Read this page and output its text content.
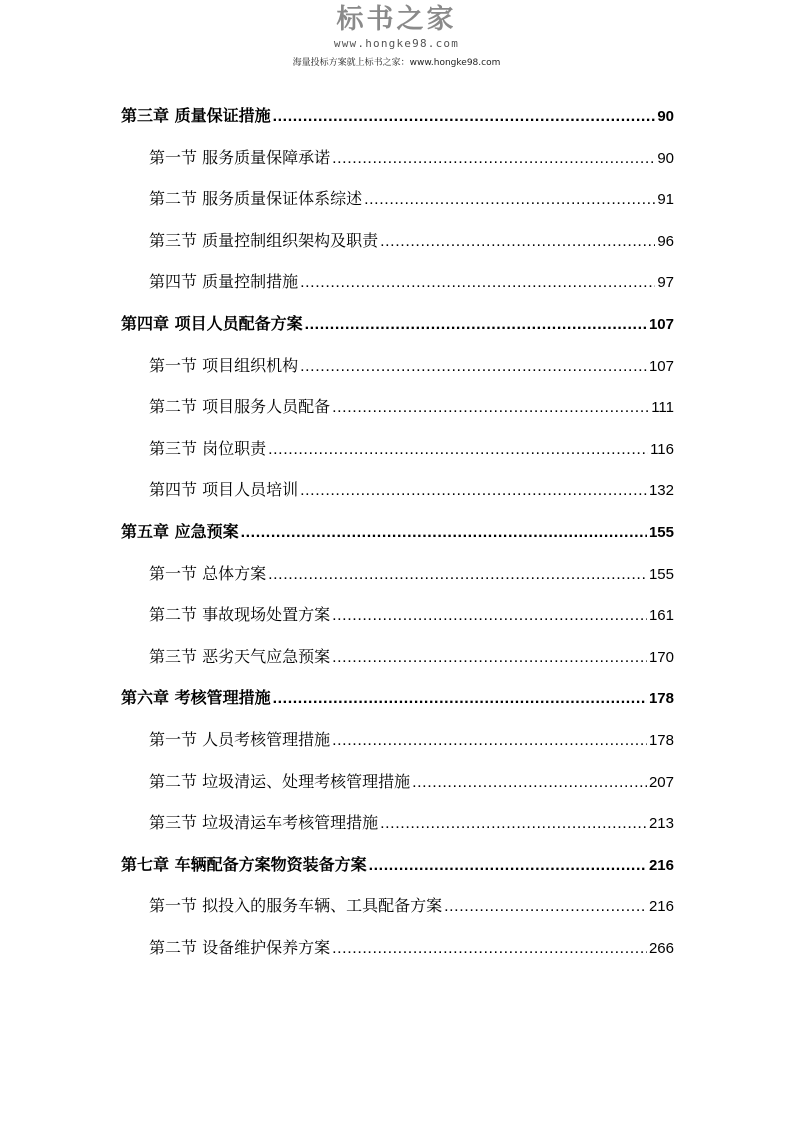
标书之家
www.hongke98.com
海量投标方案就上标书之家：www.hongke98.com
第三章 质量保证措施 .....	90
第一节 服务质量保障承诺 .....	90
第二节 服务质量保证体系综述 .....	91
第三节 质量控制组织架构及职责 .....	96
第四节 质量控制措施 .....	97
第四章 项目人员配备方案 .....	107
第一节 项目组织机构 .....	107
第二节 项目服务人员配备 .....	111
第三节 岗位职责 .....	116
第四节 项目人员培训 .....	132
第五章 应急预案 .....	155
第一节 总体方案 .....	155
第二节 事故现场处置方案 .....	161
第三节 恶劣天气应急预案 .....	170
第六章 考核管理措施 .....	178
第一节 人员考核管理措施 .....	178
第二节 垃圾清运、处理考核管理措施 .....	207
第三节 垃圾清运车考核管理措施 .....	213
第七章 车辆配备方案物资装备方案 .....	216
第一节 拟投入的服务车辆、工具配备方案 .....	216
第二节 设备维护保养方案 .....	266
